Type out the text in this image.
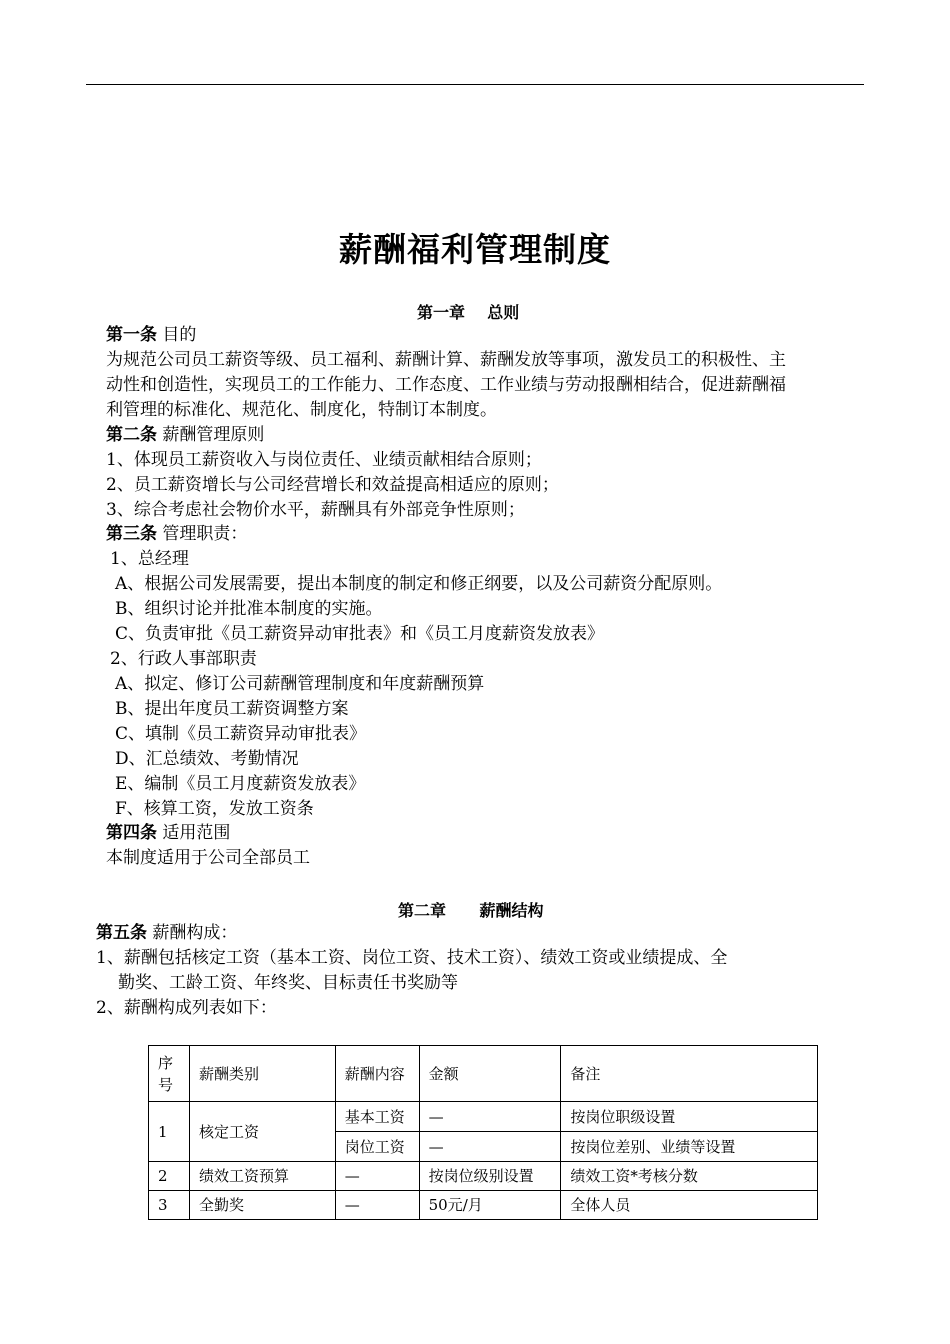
薪酬福利管理制度
第一章 总则
第一条 目的
为规范公司员工薪资等级、员工福利、薪酬计算、薪酬发放等事项，激发员工的积极性、主
动性和创造性，实现员工的工作能力、工作态度、工作业绩与劳动报酬相结合，促进薪酬福
利管理的标准化、规范化、制度化，特制订本制度。
第二条 薪酬管理原则
1、体现员工薪资收入与岗位责任、业绩贡献相结合原则；
2、员工薪资增长与公司经营增长和效益提高相适应的原则；
3、综合考虑社会物价水平，薪酬具有外部竞争性原则；
第三条 管理职责：
1、总经理
A、根据公司发展需要，提出本制度的制定和修正纲要，以及公司薪资分配原则。
B、组织讨论并批准本制度的实施。
C、负责审批《员工薪资异动审批表》和《员工月度薪资发放表》
2、行政人事部职责
A、拟定、修订公司薪酬管理制度和年度薪酬预算
B、提出年度员工薪资调整方案
C、填制《员工薪资异动审批表》
D、汇总绩效、考勤情况
E、编制《员工月度薪资发放表》
F、核算工资，发放工资条
第四条 适用范围
本制度适用于公司全部员工
第二章 薪酬结构
第五条 薪酬构成：
1、薪酬包括核定工资（基本工资、岗位工资、技术工资）、绩效工资或业绩提成、全
勤奖、工龄工资、年终奖、目标责任书奖励等
2、薪酬构成列表如下：
序号	薪酬类别	薪酬内容	金额	备注
1	核定工资	基本工资	—	按岗位职级设置
		岗位工资	—	按岗位差别、业绩等设置
2	绩效工资预算	—	按岗位级别设置	绩效工资*考核分数
3	全勤奖	—	50元/月	全体人员
